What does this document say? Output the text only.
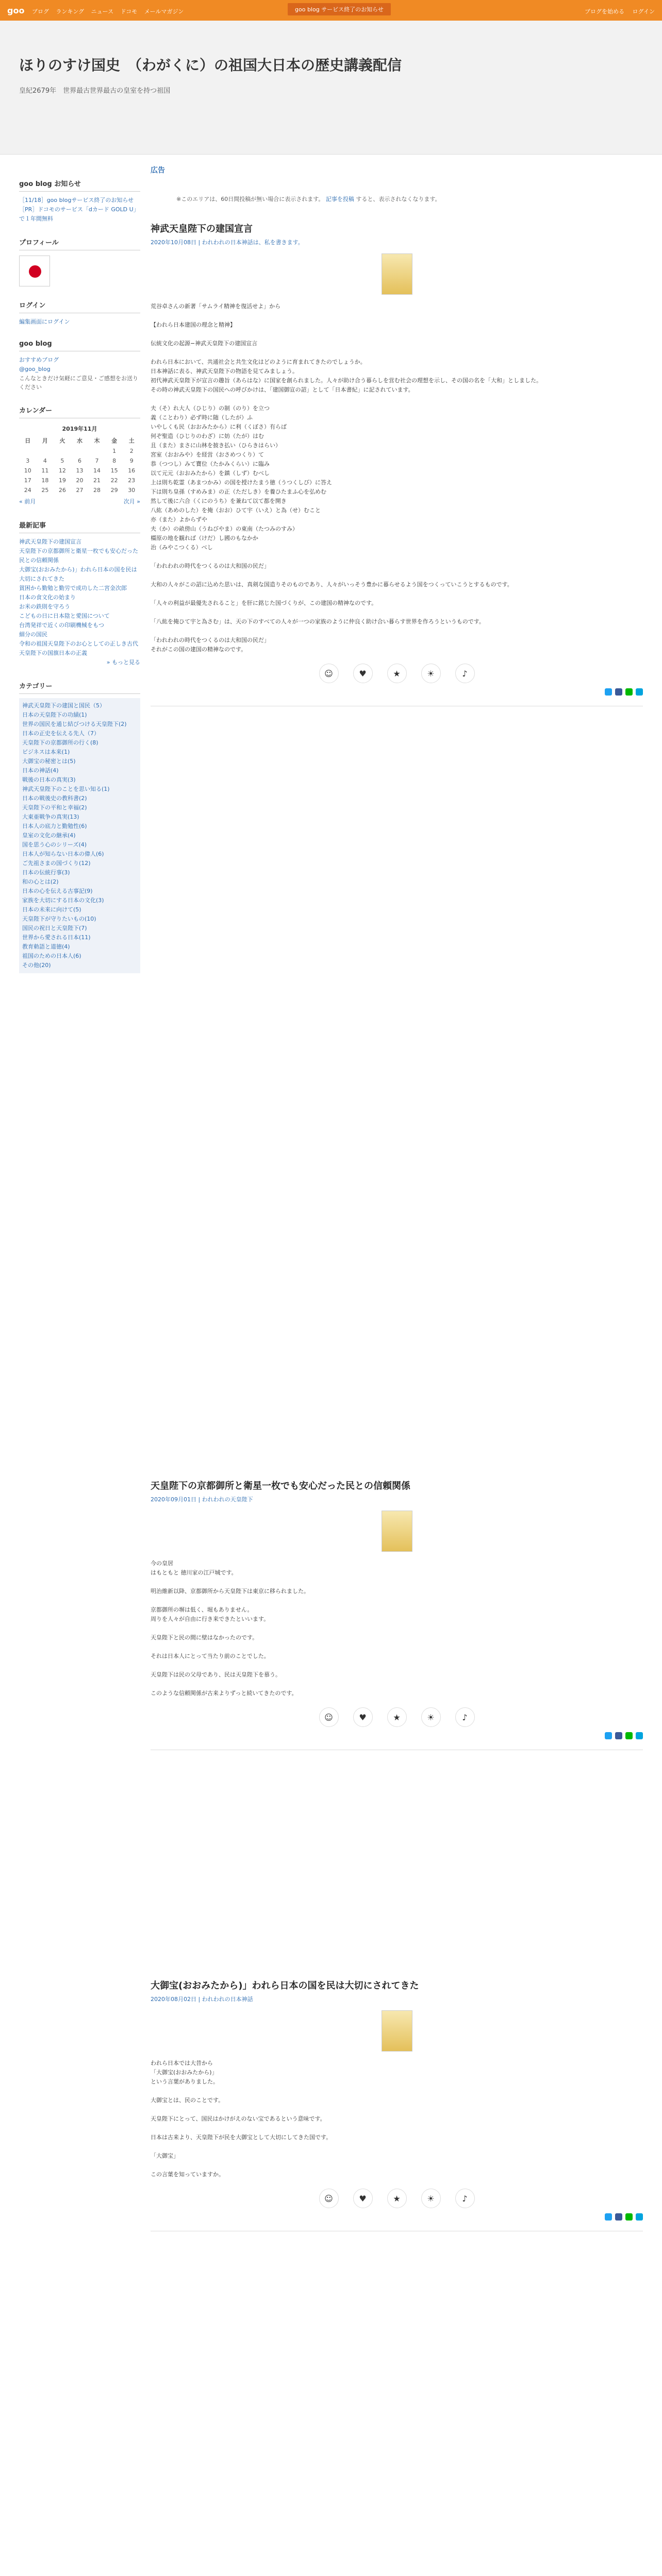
goo ブログ ランキング ニュース ドコモ メールマガジン	goo blog サービス終了のお知らせ	ブログを始める ログイン
ほりのすけ国史　（わがくに）の祖国大日本の歴史講義配信
皇紀2679年　世界最古世界最古の皇室を持つ祖国
goo blog お知らせ
［11/18］goo blogサービス終了のお知らせ
［PR］ドコモのサービス「dカード GOLD U」で１年間無料
プロフィール
ログイン
編集画面にログイン
goo blog
おすすめブログ
@goo_blog
こんなときだけ気軽にご意見・ご感想をお送りください
カレンダー
2019年11月
日	月	火	水	木	金	土
					1	2
3	4	5	6	7	8	9
10	11	12	13	14	15	16
17	18	19	20	21	22	23
24	25	26	27	28	29	30
« 前月	次月 »
最新記事
神武天皇陛下の建国宣言
天皇陛下の京都御所と衛星一枚でも安心だった民との信頼関係
大御宝(おおみたから)」われら日本の国を民は大切にされてきた
貧困から勤勉と勤労で成功した二宮金次郎
日本の食文化の始まり
お米の鉄則を守ろう
こどもの日に日本陰と愛国について
台湾発祥で近くの印刷機械をもつ
細分の国民
令和の祖国天皇陛下のお心としての正しき古代
天皇陛下の国旗日本の正義
» もっと見る
カテゴリー
神武天皇陛下の建国と国民（5）
日本の天皇陛下の功績(1)
世界の国民を通じ結びつける天皇陛下(2)
日本の正史を伝える先人（7）
天皇陛下の京都御所の行く(8)
ビジネスは本来(1)
大御宝の秘密とは(5)
日本の神話(4)
戦後の日本の真実(3)
神武天皇陛下のことを思い知る(1)
日本の戦後史の教科書(2)
天皇陛下の平和と幸福(2)
大東亜戦争の真実(13)
日本人の底力と勤勉性(6)
皇室の文化の継承(4)
国を思う心のシリーズ(4)
日本人が知らない日本の偉人(6)
ご先祖さまの国づくり(12)
日本の伝統行事(3)
和の心とは(2)
日本の心を伝える古事記(9)
家族を大切にする日本の文化(3)
日本の未来に向けて(5)
天皇陛下が守りたいもの(10)
国民の祝日と天皇陛下(7)
世界から愛される日本(11)
教育勅語と道徳(4)
祖国のための日本人(6)
その他(20)
広告
※このエリアは、60日間投稿が無い場合に表示されます。 記事を投稿 すると、表示されなくなります。
神武天皇陛下の建国宣言
2020年10月08日 | われわれの日本神話は、私を書きます。
荒谷卓さんの新著「サムライ精神を復活せよ」から

【われら日本建国の理念と精神】

伝統文化の起源−神武天皇陛下の建国宣言

われら日本において、共通社会と共生文化はどのように育まれてきたのでしょうか。
日本神話に表る、神武天皇陛下の物語を見てみましょう。
初代神武天皇陛下が宣言の趣旨（あらはな）に国家を創られました。人々が助け合う暮らしを営む社会の理想を示し、その国の名を「大和」としました。
その時の神武天皇陛下の国民への呼びかけは、「建国御宣の詔」として「日本書紀」に記されています。

夫（そ）れ大人（ひじり）の制（のり）を立つ
義（ことわり）必ず時に随（したが）ふ
いやしくも民（おおみたから）に利（くぼさ）有らば
何ぞ聖造（ひじりのわざ）に妨（たが）はむ
且（また）まさに山林を披き払い（ひらきはらい）
宮室（おおみや）を経営（おさめつくり）て
恭（つつし）みて寶位（たかみくらい）に臨み
以て元元（おおみたから）を鎮（しず）むべし
上は則ち乾霊（あまつかみ）の国を授けたまう徳（うつくしび）に答え
下は則ち皇孫（すめみま）の正（ただしき）を養ひたまふ心を弘めむ
然して後に六合（くにのうち）を兼ねて以て都を開き
八紘（あめのした）を掩（おお）ひて宇（いえ）と為（せ）むこと
亦（また）よからずや
夫（か）の畝傍山（うねびやま）の東南（たつみのすみ）
橿原の地を観れば（けだ）し國のもなかか
治（みやこつくる）べし

「われわれの時代をつくるのは大和国の民だ」

大和の人々がこの詔に込めた思いは、真剣な国造りそのものであり、人々がいっそう豊かに暮らせるよう国をつくっていこうとするものです。

「人々の利益が最優先されること」を肝に銘じた国づくりが、この建国の精神なのです。

「八紘を掩ひて宇と為さむ」は、天の下のすべての人々が一つの家族のように仲良く助け合い暮らす世界を作ろうというものです。

「われわれの時代をつくるのは大和国の民だ」
それがこの国の建国の精神なのです。
☺	♥	★	☀	♪
天皇陛下の京都御所と衛星一枚でも安心だった民との信頼関係
2020年09月01日 | われわれの天皇陛下
今の皇居
はもともと 徳川家の江戸城です。

明治維新以降、京都御所から天皇陛下は東京に移られました。

京都御所の塀は低く、堀もありません。
周りを人々が自由に行き来できたといいます。

天皇陛下と民の間に壁はなかったのです。

それは日本人にとって当たり前のことでした。

天皇陛下は民の父母であり、民は天皇陛下を慕う。

このような信頼関係が古来よりずっと続いてきたのです。
☺	♥	★	☀	♪
大御宝(おおみたから)」われら日本の国を民は大切にされてきた
2020年08月02日 | われわれの日本神話
われら日本では大昔から
「大御宝(おおみたから)」
という言葉がありました。

大御宝とは、民のことです。

天皇陛下にとって、国民はかけがえのない宝であるという意味です。

日本は古来より、天皇陛下が民を大御宝として大切にしてきた国です。

「大御宝」

この言葉を知っていますか。
☺	♥	★	☀	♪
